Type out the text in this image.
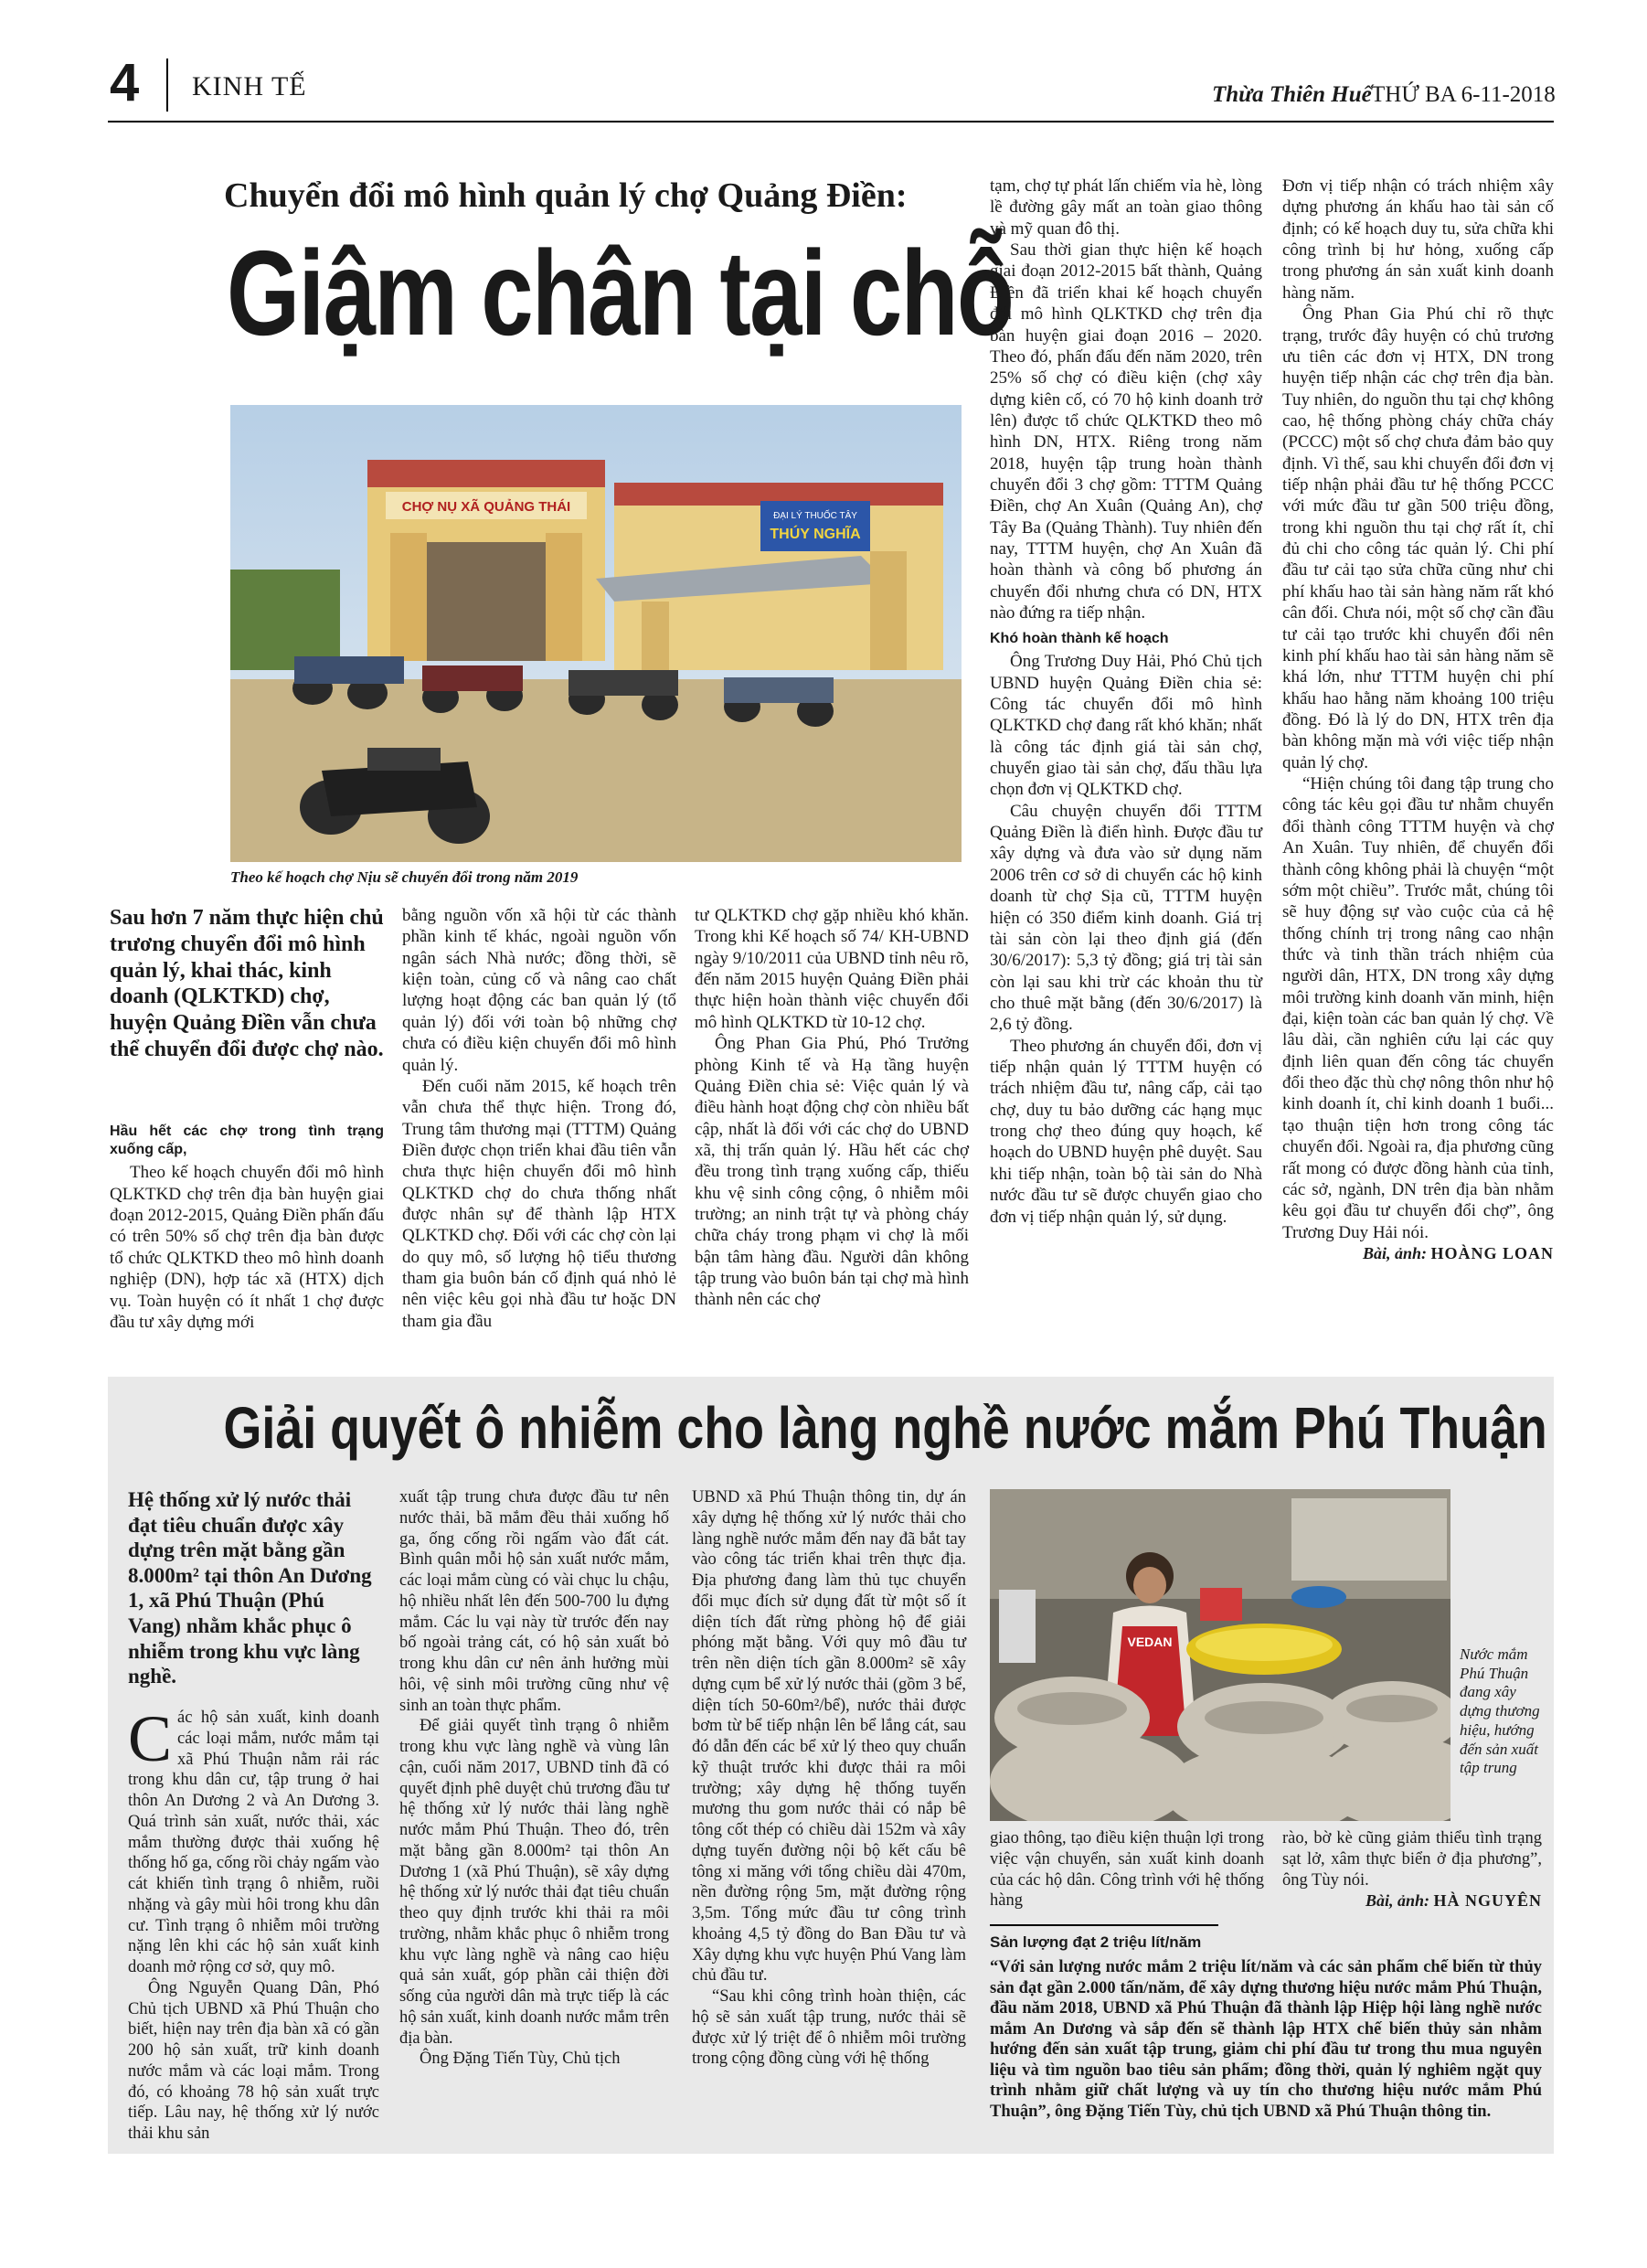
4 KINH TẾ	Thừa Thiên Huế THỨ BA 6-11-2018
Chuyển đổi mô hình quản lý chợ Quảng Điền:
Giậm chân tại chỗ
CHỢ NỤ XÃ QUẢNG THÁI
ĐẠI LÝ THUỐC TÂY
THÚY NGHĨA
Theo kế hoạch chợ Nịu sẽ chuyển đổi trong năm 2019
Sau hơn 7 năm thực hiện chủ trương chuyển đổi mô hình quản lý, khai thác, kinh doanh (QLKTKD) chợ, huyện Quảng Điền vẫn chưa thể chuyển đổi được chợ nào.
Hầu hết các chợ trong tình trạng xuống cấp,

Theo kế hoạch chuyển đổi mô hình QLKTKD chợ trên địa bàn huyện giai đoạn 2012-2015, Quảng Điền phấn đấu có trên 50% số chợ trên địa bàn được tổ chức QLKTKD theo mô hình doanh nghiệp (DN), hợp tác xã (HTX) dịch vụ. Toàn huyện có ít nhất 1 chợ được đầu tư xây dựng mới

bằng nguồn vốn xã hội từ các thành phần kinh tế khác, ngoài nguồn vốn ngân sách Nhà nước; đồng thời, sẽ kiện toàn, củng cố và nâng cao chất lượng hoạt động các ban quản lý (tổ quản lý) đối với toàn bộ những chợ chưa có điều kiện chuyển đổi mô hình quản lý.

Đến cuối năm 2015, kế hoạch trên vẫn chưa thể thực hiện. Trong đó, Trung tâm thương mại (TTTM) Quảng Điền được chọn triển khai đầu tiên vẫn chưa thực hiện chuyển đổi mô hình QLKTKD chợ do chưa thống nhất được nhân sự để thành lập HTX QLKTKD chợ. Đối với các chợ còn lại do quy mô, số lượng hộ tiểu thương tham gia buôn bán cố định quá nhỏ lẻ nên việc kêu gọi nhà đầu tư hoặc DN tham gia đầu

tư QLKTKD chợ gặp nhiều khó khăn. Trong khi Kế hoạch số 74/ KH-UBND ngày 9/10/2011 của UBND tỉnh nêu rõ, đến năm 2015 huyện Quảng Điền phải thực hiện hoàn thành việc chuyển đổi mô hình QLKTKD từ 10-12 chợ.

Ông Phan Gia Phú, Phó Trưởng phòng Kinh tế và Hạ tầng huyện Quảng Điền chia sẻ: Việc quản lý và điều hành hoạt động chợ còn nhiều bất cập, nhất là đối với các chợ do UBND xã, thị trấn quản lý. Hầu hết các chợ đều trong tình trạng xuống cấp, thiếu khu vệ sinh công cộng, ô nhiễm môi trường; an ninh trật tự và phòng cháy chữa cháy trong phạm vi chợ là mối bận tâm hàng đầu. Người dân không tập trung vào buôn bán tại chợ mà hình thành nên các chợ

tạm, chợ tự phát lấn chiếm vỉa hè, lòng lề đường gây mất an toàn giao thông và mỹ quan đô thị.

Sau thời gian thực hiện kế hoạch giai đoạn 2012-2015 bất thành, Quảng Điền đã triển khai kế hoạch chuyển đổi mô hình QLKTKD chợ trên địa bàn huyện giai đoạn 2016 – 2020. Theo đó, phấn đấu đến năm 2020, trên 25% số chợ có điều kiện (chợ xây dựng kiên cố, có 70 hộ kinh doanh trở lên) được tổ chức QLKTKD theo mô hình DN, HTX. Riêng trong năm 2018, huyện tập trung hoàn thành chuyển đổi 3 chợ gồm: TTTM Quảng Điền, chợ An Xuân (Quảng An), chợ Tây Ba (Quảng Thành). Tuy nhiên đến nay, TTTM huyện, chợ An Xuân đã hoàn thành và công bố phương án chuyển đổi nhưng chưa có DN, HTX nào đứng ra tiếp nhận.

Khó hoàn thành kế hoạch

Ông Trương Duy Hải, Phó Chủ tịch UBND huyện Quảng Điền chia sẻ: Công tác chuyển đổi mô hình QLKTKD chợ đang rất khó khăn; nhất là công tác định giá tài sản chợ, chuyển giao tài sản chợ, đấu thầu lựa chọn đơn vị QLKTKD chợ.

Câu chuyện chuyển đổi TTTM Quảng Điền là điển hình. Được đầu tư xây dựng và đưa vào sử dụng năm 2006 trên cơ sở di chuyển các hộ kinh doanh từ chợ Sịa cũ, TTTM huyện hiện có 350 điểm kinh doanh. Giá trị tài sản còn lại theo định giá (đến 30/6/2017): 5,3 tỷ đồng; giá trị tài sản còn lại sau khi trừ các khoản thu từ cho thuê mặt bằng (đến 30/6/2017) là 2,6 tỷ đồng.

Theo phương án chuyển đổi, đơn vị tiếp nhận quản lý TTTM huyện có trách nhiệm đầu tư, nâng cấp, cải tạo chợ, duy tu bảo dưỡng các hạng mục trong chợ theo đúng quy hoạch, kế hoạch do UBND huyện phê duyệt. Sau khi tiếp nhận, toàn bộ tài sản do Nhà nước đầu tư sẽ được chuyển giao cho đơn vị tiếp nhận quản lý, sử dụng.

Đơn vị tiếp nhận có trách nhiệm xây dựng phương án khấu hao tài sản cố định; có kế hoạch duy tu, sửa chữa khi công trình bị hư hỏng, xuống cấp trong phương án sản xuất kinh doanh hàng năm.

Ông Phan Gia Phú chỉ rõ thực trạng, trước đây huyện có chủ trương ưu tiên các đơn vị HTX, DN trong huyện tiếp nhận các chợ trên địa bàn. Tuy nhiên, do nguồn thu tại chợ không cao, hệ thống phòng cháy chữa cháy (PCCC) một số chợ chưa đảm bảo quy định. Vì thế, sau khi chuyển đổi đơn vị tiếp nhận phải đầu tư hệ thống PCCC với mức đầu tư gần 500 triệu đồng, trong khi nguồn thu tại chợ rất ít, chỉ đủ chi cho công tác quản lý. Chi phí đầu tư cải tạo sửa chữa cũng như chi phí khấu hao tài sản hàng năm rất khó cân đối. Chưa nói, một số chợ cần đầu tư cải tạo trước khi chuyển đổi nên kinh phí khấu hao tài sản hàng năm sẽ khá lớn, như TTTM huyện chi phí khấu hao hằng năm khoảng 100 triệu đồng. Đó là lý do DN, HTX trên địa bàn không mặn mà với việc tiếp nhận quản lý chợ.

“Hiện chúng tôi đang tập trung cho công tác kêu gọi đầu tư nhằm chuyển đổi thành công TTTM huyện và chợ An Xuân. Tuy nhiên, để chuyển đổi thành công không phải là chuyện “một sớm một chiều”. Trước mắt, chúng tôi sẽ huy động sự vào cuộc của cả hệ thống chính trị trong nâng cao nhận thức và tinh thần trách nhiệm của người dân, HTX, DN trong xây dựng môi trường kinh doanh văn minh, hiện đại, kiện toàn các ban quản lý chợ. Về lâu dài, cần nghiên cứu lại các quy định liên quan đến công tác chuyển đổi theo đặc thù chợ nông thôn như hộ kinh doanh ít, chỉ kinh doanh 1 buổi... tạo thuận tiện hơn trong công tác chuyển đổi. Ngoài ra, địa phương cũng rất mong có được đồng hành của tỉnh, các sở, ngành, DN trên địa bàn nhằm kêu gọi đầu tư chuyển đổi chợ”, ông Trương Duy Hải nói.

Bài, ảnh: HOÀNG LOAN
Giải quyết ô nhiễm cho làng nghề nước mắm Phú Thuận
Hệ thống xử lý nước thải đạt tiêu chuẩn được xây dựng trên mặt bằng gần 8.000m² tại thôn An Dương 1, xã Phú Thuận (Phú Vang) nhằm khắc phục ô nhiễm trong khu vực làng nghề.

Các hộ sản xuất, kinh doanh các loại mắm, nước mắm tại xã Phú Thuận nằm rải rác trong khu dân cư, tập trung ở hai thôn An Dương 2 và An Dương 3. Quá trình sản xuất, nước thải, xác mắm thường được thải xuống hệ thống hố ga, cống rồi chảy ngấm vào cát khiến tình trạng ô nhiễm, ruồi nhặng và gây mùi hôi trong khu dân cư. Tình trạng ô nhiễm môi trường nặng lên khi các hộ sản xuất kinh doanh mở rộng cơ sở, quy mô.

Ông Nguyễn Quang Dân, Phó Chủ tịch UBND xã Phú Thuận cho biết, hiện nay trên địa bàn xã có gần 200 hộ sản xuất, trữ kinh doanh nước mắm và các loại mắm. Trong đó, có khoảng 78 hộ sản xuất trực tiếp. Lâu nay, hệ thống xử lý nước thải khu sản

xuất tập trung chưa được đầu tư nên nước thải, bã mắm đều thải xuống hố ga, ống cống rồi ngấm vào đất cát. Bình quân mỗi hộ sản xuất nước mắm, các loại mắm cùng có vài chục lu chậu, hộ nhiều nhất lên đến 500-700 lu đựng mắm. Các lu vại này từ trước đến nay bố ngoài trảng cát, có hộ sản xuất bỏ trong khu dân cư nên ảnh hưởng mùi hôi, vệ sinh môi trường cũng như vệ sinh an toàn thực phẩm.

Để giải quyết tình trạng ô nhiễm trong khu vực làng nghề và vùng lân cận, cuối năm 2017, UBND tỉnh đã có quyết định phê duyệt chủ trương đầu tư hệ thống xử lý nước thải làng nghề nước mắm Phú Thuận. Theo đó, trên mặt bằng gần 8.000m² tại thôn An Dương 1 (xã Phú Thuận), sẽ xây dựng hệ thống xử lý nước thải đạt tiêu chuẩn theo quy định trước khi thải ra môi trường, nhằm khắc phục ô nhiễm trong khu vực làng nghề và nâng cao hiệu quả sản xuất, góp phần cải thiện đời sống của người dân mà trực tiếp là các hộ sản xuất, kinh doanh nước mắm trên địa bàn.

Ông Đặng Tiến Tùy, Chủ tịch

UBND xã Phú Thuận thông tin, dự án xây dựng hệ thống xử lý nước thải cho làng nghề nước mắm đến nay đã bắt tay vào công tác triển khai trên thực địa. Địa phương đang làm thủ tục chuyển đổi mục đích sử dụng đất từ một số ít diện tích đất rừng phòng hộ để giải phóng mặt bằng. Với quy mô đầu tư trên nền diện tích gần 8.000m² sẽ xây dựng cụm bể xử lý nước thải (gồm 3 bể, diện tích 50-60m²/bể), nước thải được bơm từ bể tiếp nhận lên bể lắng cát, sau đó dẫn đến các bể xử lý theo quy chuẩn kỹ thuật trước khi được thải ra môi trường; xây dựng hệ thống tuyến mương thu gom nước thải có nắp bê tông cốt thép có chiều dài 152m và xây dựng tuyến đường nội bộ kết cấu bê tông xi măng với tổng chiều dài 470m, nền đường rộng 5m, mặt đường rộng 3,5m. Tổng mức đầu tư công trình khoảng 4,5 tỷ đồng do Ban Đầu tư và Xây dựng khu vực huyện Phú Vang làm chủ đầu tư.

“Sau khi công trình hoàn thiện, các hộ sẽ sản xuất tập trung, nước thải sẽ được xử lý triệt để ô nhiễm môi trường trong cộng đồng cùng với hệ thống

VEDAN
Nước mắm Phú Thuận đang xây dựng thương hiệu, hướng đến sản xuất tập trung

giao thông, tạo điều kiện thuận lợi trong việc vận chuyển, sản xuất kinh doanh của các hộ dân. Công trình với hệ thống hàng

rào, bờ kè cũng giảm thiểu tình trạng sạt lở, xâm thực biển ở địa phương”, ông Tùy nói.

Bài, ảnh: HÀ NGUYÊN
Sản lượng đạt 2 triệu lít/năm
“Với sản lượng nước mắm 2 triệu lít/năm và các sản phẩm chế biến từ thủy sản đạt gần 2.000 tấn/năm, để xây dựng thương hiệu nước mắm Phú Thuận, đầu năm 2018, UBND xã Phú Thuận đã thành lập Hiệp hội làng nghề nước mắm An Dương và sắp đến sẽ thành lập HTX chế biến thủy sản nhằm hướng đến sản xuất tập trung, giảm chi phí đầu tư trong thu mua nguyên liệu và tìm nguồn bao tiêu sản phẩm; đồng thời, quản lý nghiêm ngặt quy trình nhằm giữ chất lượng và uy tín cho thương hiệu nước mắm Phú Thuận”, ông Đặng Tiến Tùy, chủ tịch UBND xã Phú Thuận thông tin.
